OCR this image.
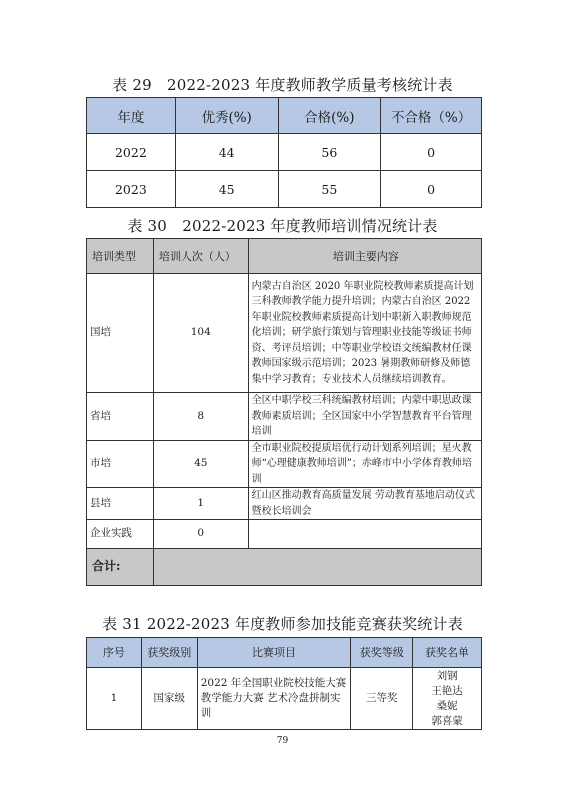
表 29　2022-2023 年度教师教学质量考核统计表
年度	优秀(%)	合格(%)	不合格（%）
2022	44	56	0
2023	45	55	0
表 30　2022-2023 年度教师培训情况统计表
培训类型	培训人次（人）	培训主要内容
国培	104	内蒙古自治区 2020 年职业院校教师素质提高计划三科教师教学能力提升培训；内蒙古自治区 2022 年职业院校教师素质提高计划中职新入职教师规范化培训；研学旅行策划与管理职业技能等级证书师资、考评员培训；中等职业学校语文统编教材任课教师国家级示范培训；2023 暑期教师研修及师德集中学习教育；专业技术人员继续培训教育。
省培	8	全区中职学校三科统编教材培训；内蒙中职思政课教师素质培训；全区国家中小学智慧教育平台管理培训
市培	45	全市职业院校提质培优行动计划系列培训；星火教师“心理健康教师培训”；赤峰市中小学体育教师培训
县培	1	红山区推动教育高质量发展 劳动教育基地启动仪式暨校长培训会
企业实践	0	
合计:		
表 31 2022-2023 年度教师参加技能竞赛获奖统计表
序号	获奖级别	比赛项目	获奖等级	获奖名单
1	国家级	2022 年全国职业院校技能大赛教学能力大赛 艺术冷盘拼制实训	三等奖	刘钢
王艳达
桑妮
郭喜蒙
79
